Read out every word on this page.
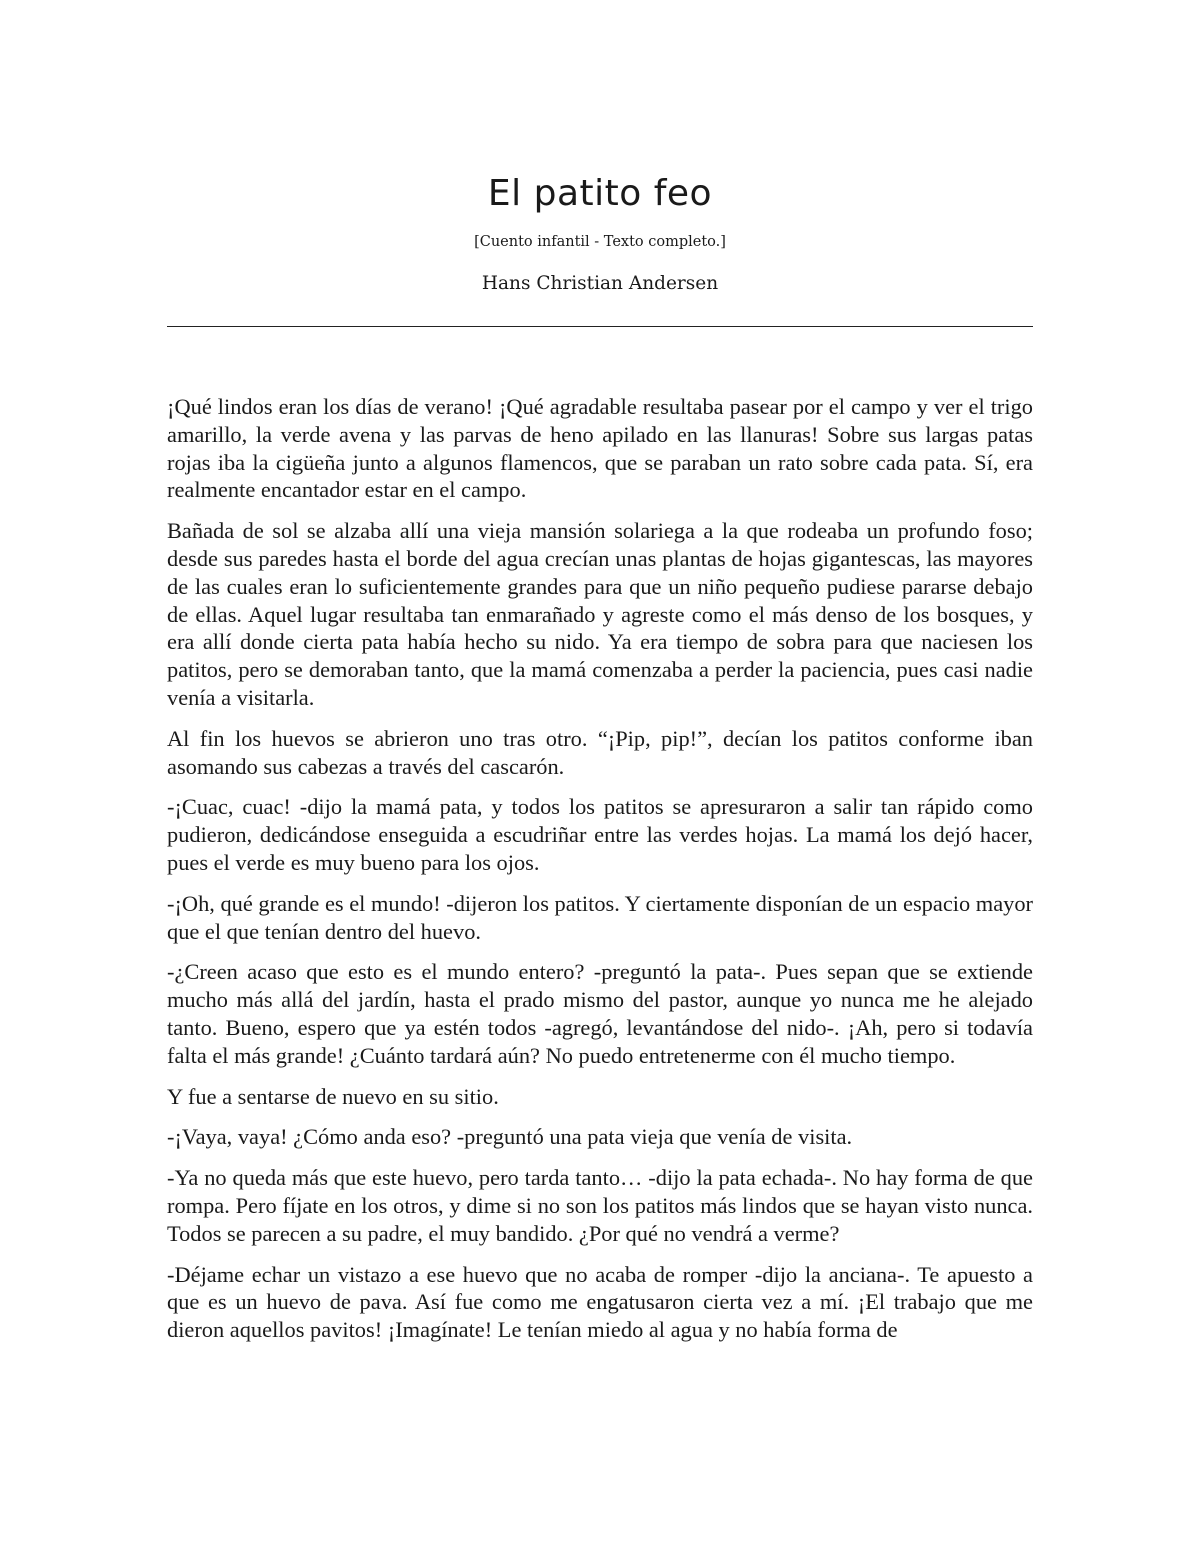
El patito feo
[Cuento infantil - Texto completo.]
Hans Christian Andersen

¡Qué lindos eran los días de verano! ¡Qué agradable resultaba pasear por el campo y ver el trigo amarillo, la verde avena y las parvas de heno apilado en las llanuras! Sobre sus largas patas rojas iba la cigüeña junto a algunos flamencos, que se paraban un rato sobre cada pata. Sí, era realmente encantador estar en el campo.

Bañada de sol se alzaba allí una vieja mansión solariega a la que rodeaba un profundo foso; desde sus paredes hasta el borde del agua crecían unas plantas de hojas gigantescas, las mayores de las cuales eran lo suficientemente grandes para que un niño pequeño pudiese pararse debajo de ellas. Aquel lugar resultaba tan enmarañado y agreste como el más denso de los bosques, y era allí donde cierta pata había hecho su nido. Ya era tiempo de sobra para que naciesen los patitos, pero se demoraban tanto, que la mamá comenzaba a perder la paciencia, pues casi nadie venía a visitarla.

Al fin los huevos se abrieron uno tras otro. “¡Pip, pip!”, decían los patitos conforme iban asomando sus cabezas a través del cascarón.

-¡Cuac, cuac! -dijo la mamá pata, y todos los patitos se apresuraron a salir tan rápido como pudieron, dedicándose enseguida a escudriñar entre las verdes hojas. La mamá los dejó hacer, pues el verde es muy bueno para los ojos.

-¡Oh, qué grande es el mundo! -dijeron los patitos. Y ciertamente disponían de un espacio mayor que el que tenían dentro del huevo.

-¿Creen acaso que esto es el mundo entero? -preguntó la pata-. Pues sepan que se extiende mucho más allá del jardín, hasta el prado mismo del pastor, aunque yo nunca me he alejado tanto. Bueno, espero que ya estén todos -agregó, levantándose del nido-. ¡Ah, pero si todavía falta el más grande! ¿Cuánto tardará aún? No puedo entretenerme con él mucho tiempo.

Y fue a sentarse de nuevo en su sitio.

-¡Vaya, vaya! ¿Cómo anda eso? -preguntó una pata vieja que venía de visita.

-Ya no queda más que este huevo, pero tarda tanto… -dijo la pata echada-. No hay forma de que rompa. Pero fíjate en los otros, y dime si no son los patitos más lindos que se hayan visto nunca. Todos se parecen a su padre, el muy bandido. ¿Por qué no vendrá a verme?

-Déjame echar un vistazo a ese huevo que no acaba de romper -dijo la anciana-. Te apuesto a que es un huevo de pava. Así fue como me engatusaron cierta vez a mí. ¡El trabajo que me dieron aquellos pavitos! ¡Imagínate! Le tenían miedo al agua y no había forma de
